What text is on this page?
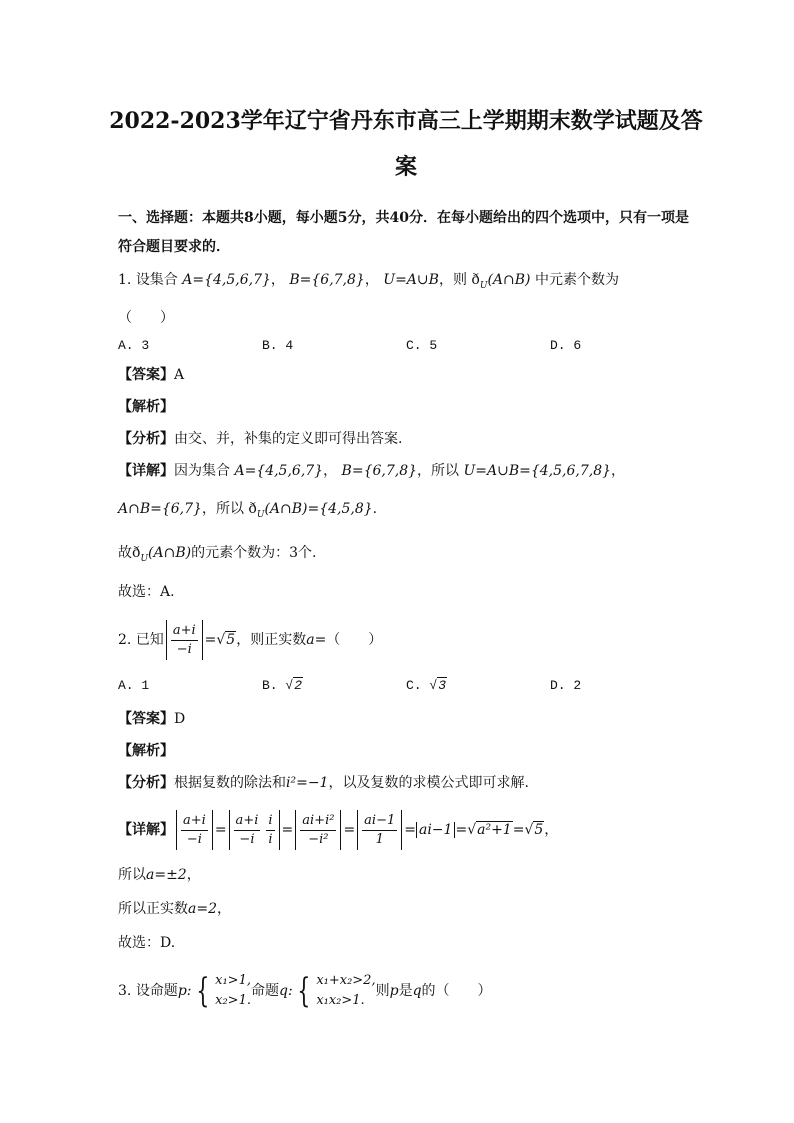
2022-2023学年辽宁省丹东市高三上学期期末数学试题及答
案
一、选择题：本题共8小题，每小题5分，共40分．在每小题给出的四个选项中，只有一项是符合题目要求的．
1. 设集合 A={4,5,6,7}， B={6,7,8}， U=A∪B，则 $ð_U(A\cap B)$ 中元素个数为
（　　）
A. 3	B. 4	C. 5	D. 6
【答案】A
【解析】
【分析】由交、并，补集的定义即可得出答案.
【详解】因为集合 A={4,5,6,7}， B={6,7,8}，所以 U=A∪B={4,5,6,7,8}，
A∩B={6,7}，所以 $ð_U(A\cap B)=\{4,5,8\}$.
故$ð_U(A\cap B)$的元素个数为：3个.
故选：A.
2. 已知 $\frac{a+i}{-i} =√5$，则正实数a=（　　）
A. 1	B. √2	C. √3	D. 2
【答案】D
【解析】
【分析】根据复数的除法和i²=−1，以及复数的求模公式即可求解.
【详解】 $\frac{a+i}{-i} = \frac{a+i}{-i} \frac{i}{i} = \frac{\text{ai+i²}}{\text{−i²}} = \frac{ai-1}{1} = ai-1 =√a^2+1=√5$，
所以a=±2，
所以正实数a=2，
故选：D.
3. 设命题p: { x₁>1,
x₂>1.
命题q: { x₁+x₂>2,
x₁x₂>1.
则p是q的（　　）
